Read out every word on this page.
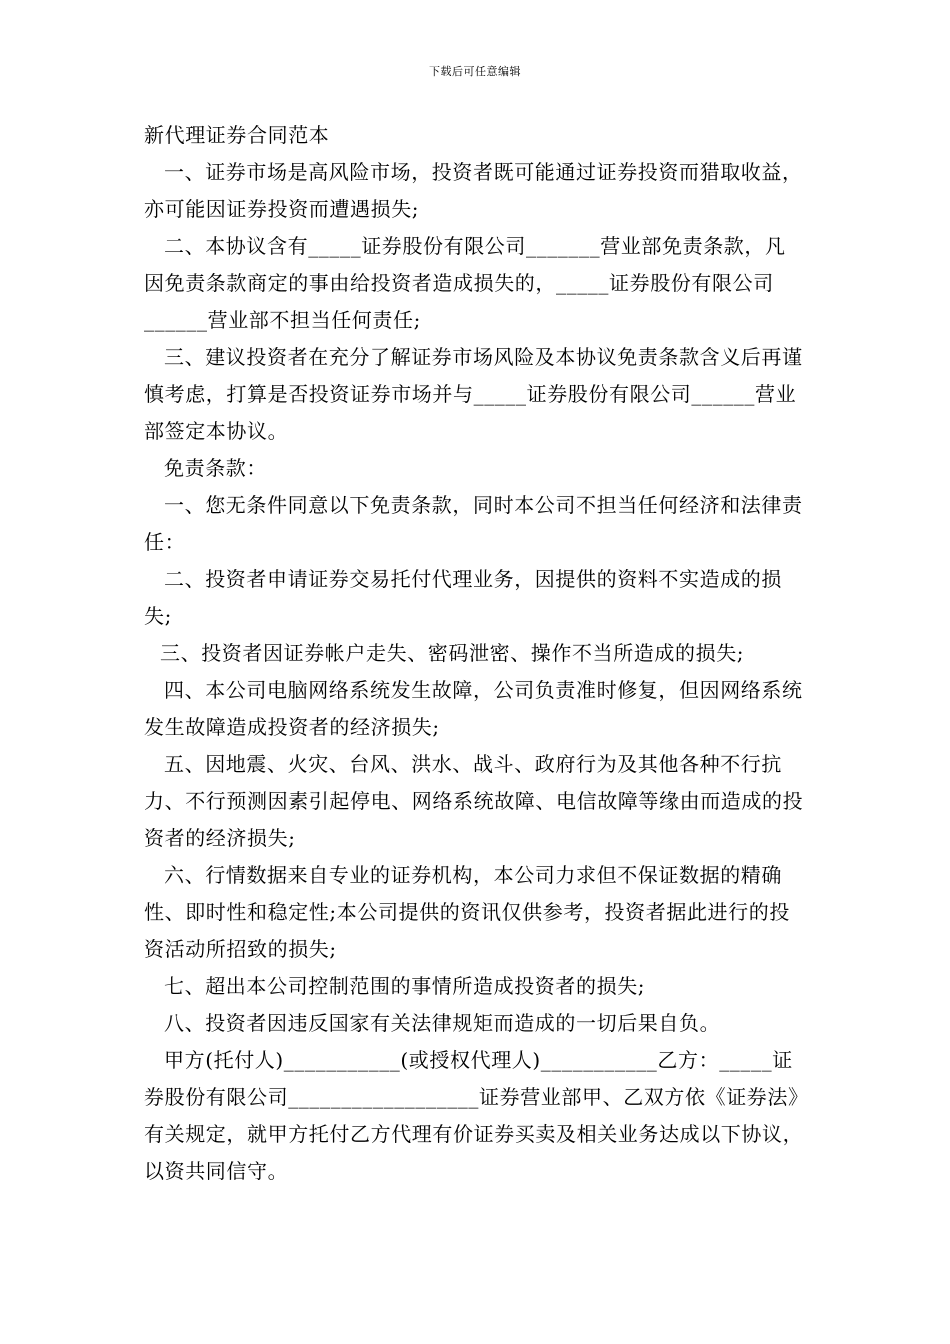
下载后可任意编辑

新代理证券合同范本

一、证券市场是高风险市场，投资者既可能通过证券投资而猎取收益，亦可能因证券投资而遭遇损失;

二、本协议含有_____证券股份有限公司_______营业部免责条款，凡因免责条款商定的事由给投资者造成损失的，_____证券股份有限公司______营业部不担当任何责任;

三、建议投资者在充分了解证券市场风险及本协议免责条款含义后再谨慎考虑，打算是否投资证券市场并与_____证券股份有限公司______营业部签定本协议。

免责条款：

一、您无条件同意以下免责条款，同时本公司不担当任何经济和法律责任：

二、投资者申请证券交易托付代理业务，因提供的资料不实造成的损失;

三、投资者因证券帐户走失、密码泄密、操作不当所造成的损失;

四、本公司电脑网络系统发生故障，公司负责准时修复，但因网络系统发生故障造成投资者的经济损失;

五、因地震、火灾、台风、洪水、战斗、政府行为及其他各种不行抗力、不行预测因素引起停电、网络系统故障、电信故障等缘由而造成的投资者的经济损失;

六、行情数据来自专业的证券机构，本公司力求但不保证数据的精确性、即时性和稳定性;本公司提供的资讯仅供参考，投资者据此进行的投资活动所招致的损失;

七、超出本公司控制范围的事情所造成投资者的损失;

八、投资者因违反国家有关法律规矩而造成的一切后果自负。

甲方(托付人)___________(或授权代理人)___________乙方：_____证券股份有限公司__________________证券营业部甲、乙双方依《证券法》有关规定，就甲方托付乙方代理有价证券买卖及相关业务达成以下协议，以资共同信守。
